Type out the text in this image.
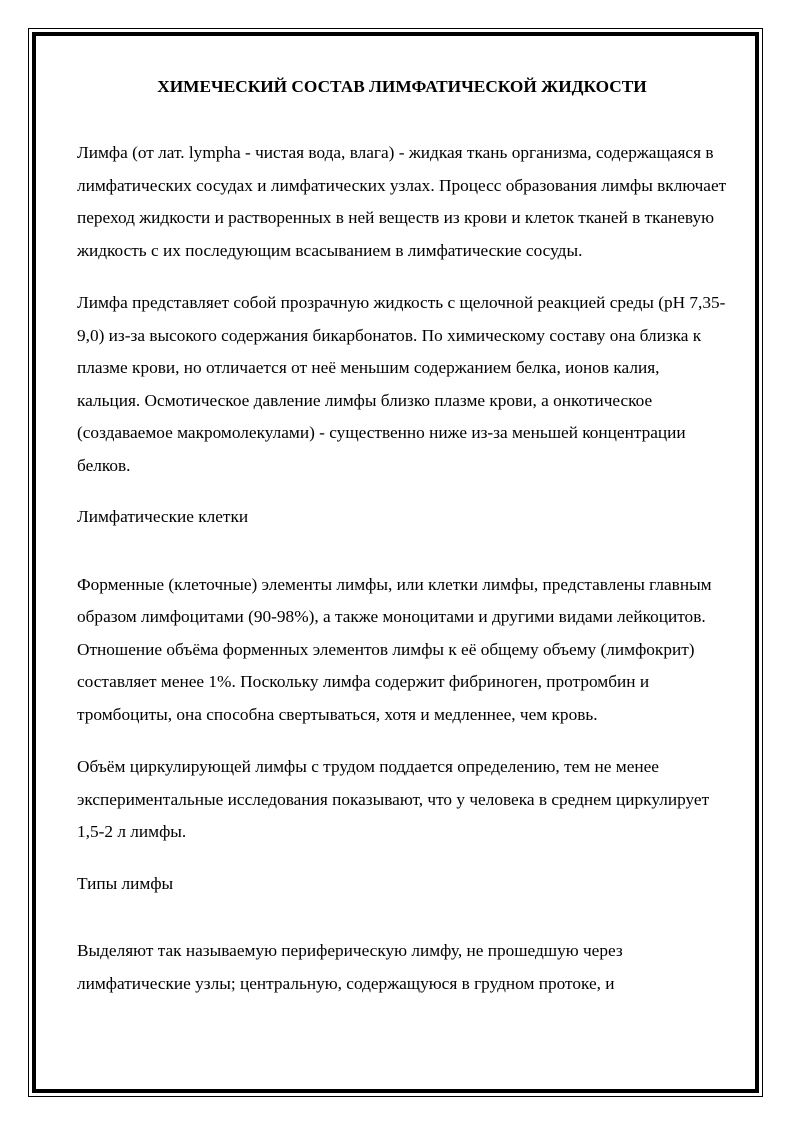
ХИМЕЧЕСКИЙ СОСТАВ ЛИМФАТИЧЕСКОЙ ЖИДКОСТИ

Лимфа (от лат. lympha - чистая вода, влага) - жидкая ткань организма, содержащаяся в лимфатических сосудах и лимфатических узлах. Процесс образования лимфы включает переход жидкости и растворенных в ней веществ из крови и клеток тканей в тканевую жидкость с их последующим всасыванием в лимфатические сосуды.

Лимфа представляет собой прозрачную жидкость с щелочной реакцией среды (pH 7,35-9,0) из-за высокого содержания бикарбонатов. По химическому составу она близка к плазме крови, но отличается от неё меньшим содержанием белка, ионов калия, кальция. Осмотическое давление лимфы близко плазме крови, а онкотическое (создаваемое макромолекулами) - существенно ниже из-за меньшей концентрации белков.

Лимфатические клетки

Форменные (клеточные) элементы лимфы, или клетки лимфы, представлены главным образом лимфоцитами (90-98%), а также моноцитами и другими видами лейкоцитов. Отношение объёма форменных элементов лимфы к её общему объему (лимфокрит) составляет менее 1%. Поскольку лимфа содержит фибриноген, протромбин и тромбоциты, она способна свертываться, хотя и медленнее, чем кровь.

Объём циркулирующей лимфы с трудом поддается определению, тем не менее экспериментальные исследования показывают, что у человека в среднем циркулирует 1,5-2 л лимфы.

Типы лимфы

Выделяют так называемую периферическую лимфу, не прошедшую через лимфатические узлы; центральную, содержащуюся в грудном протоке, и
